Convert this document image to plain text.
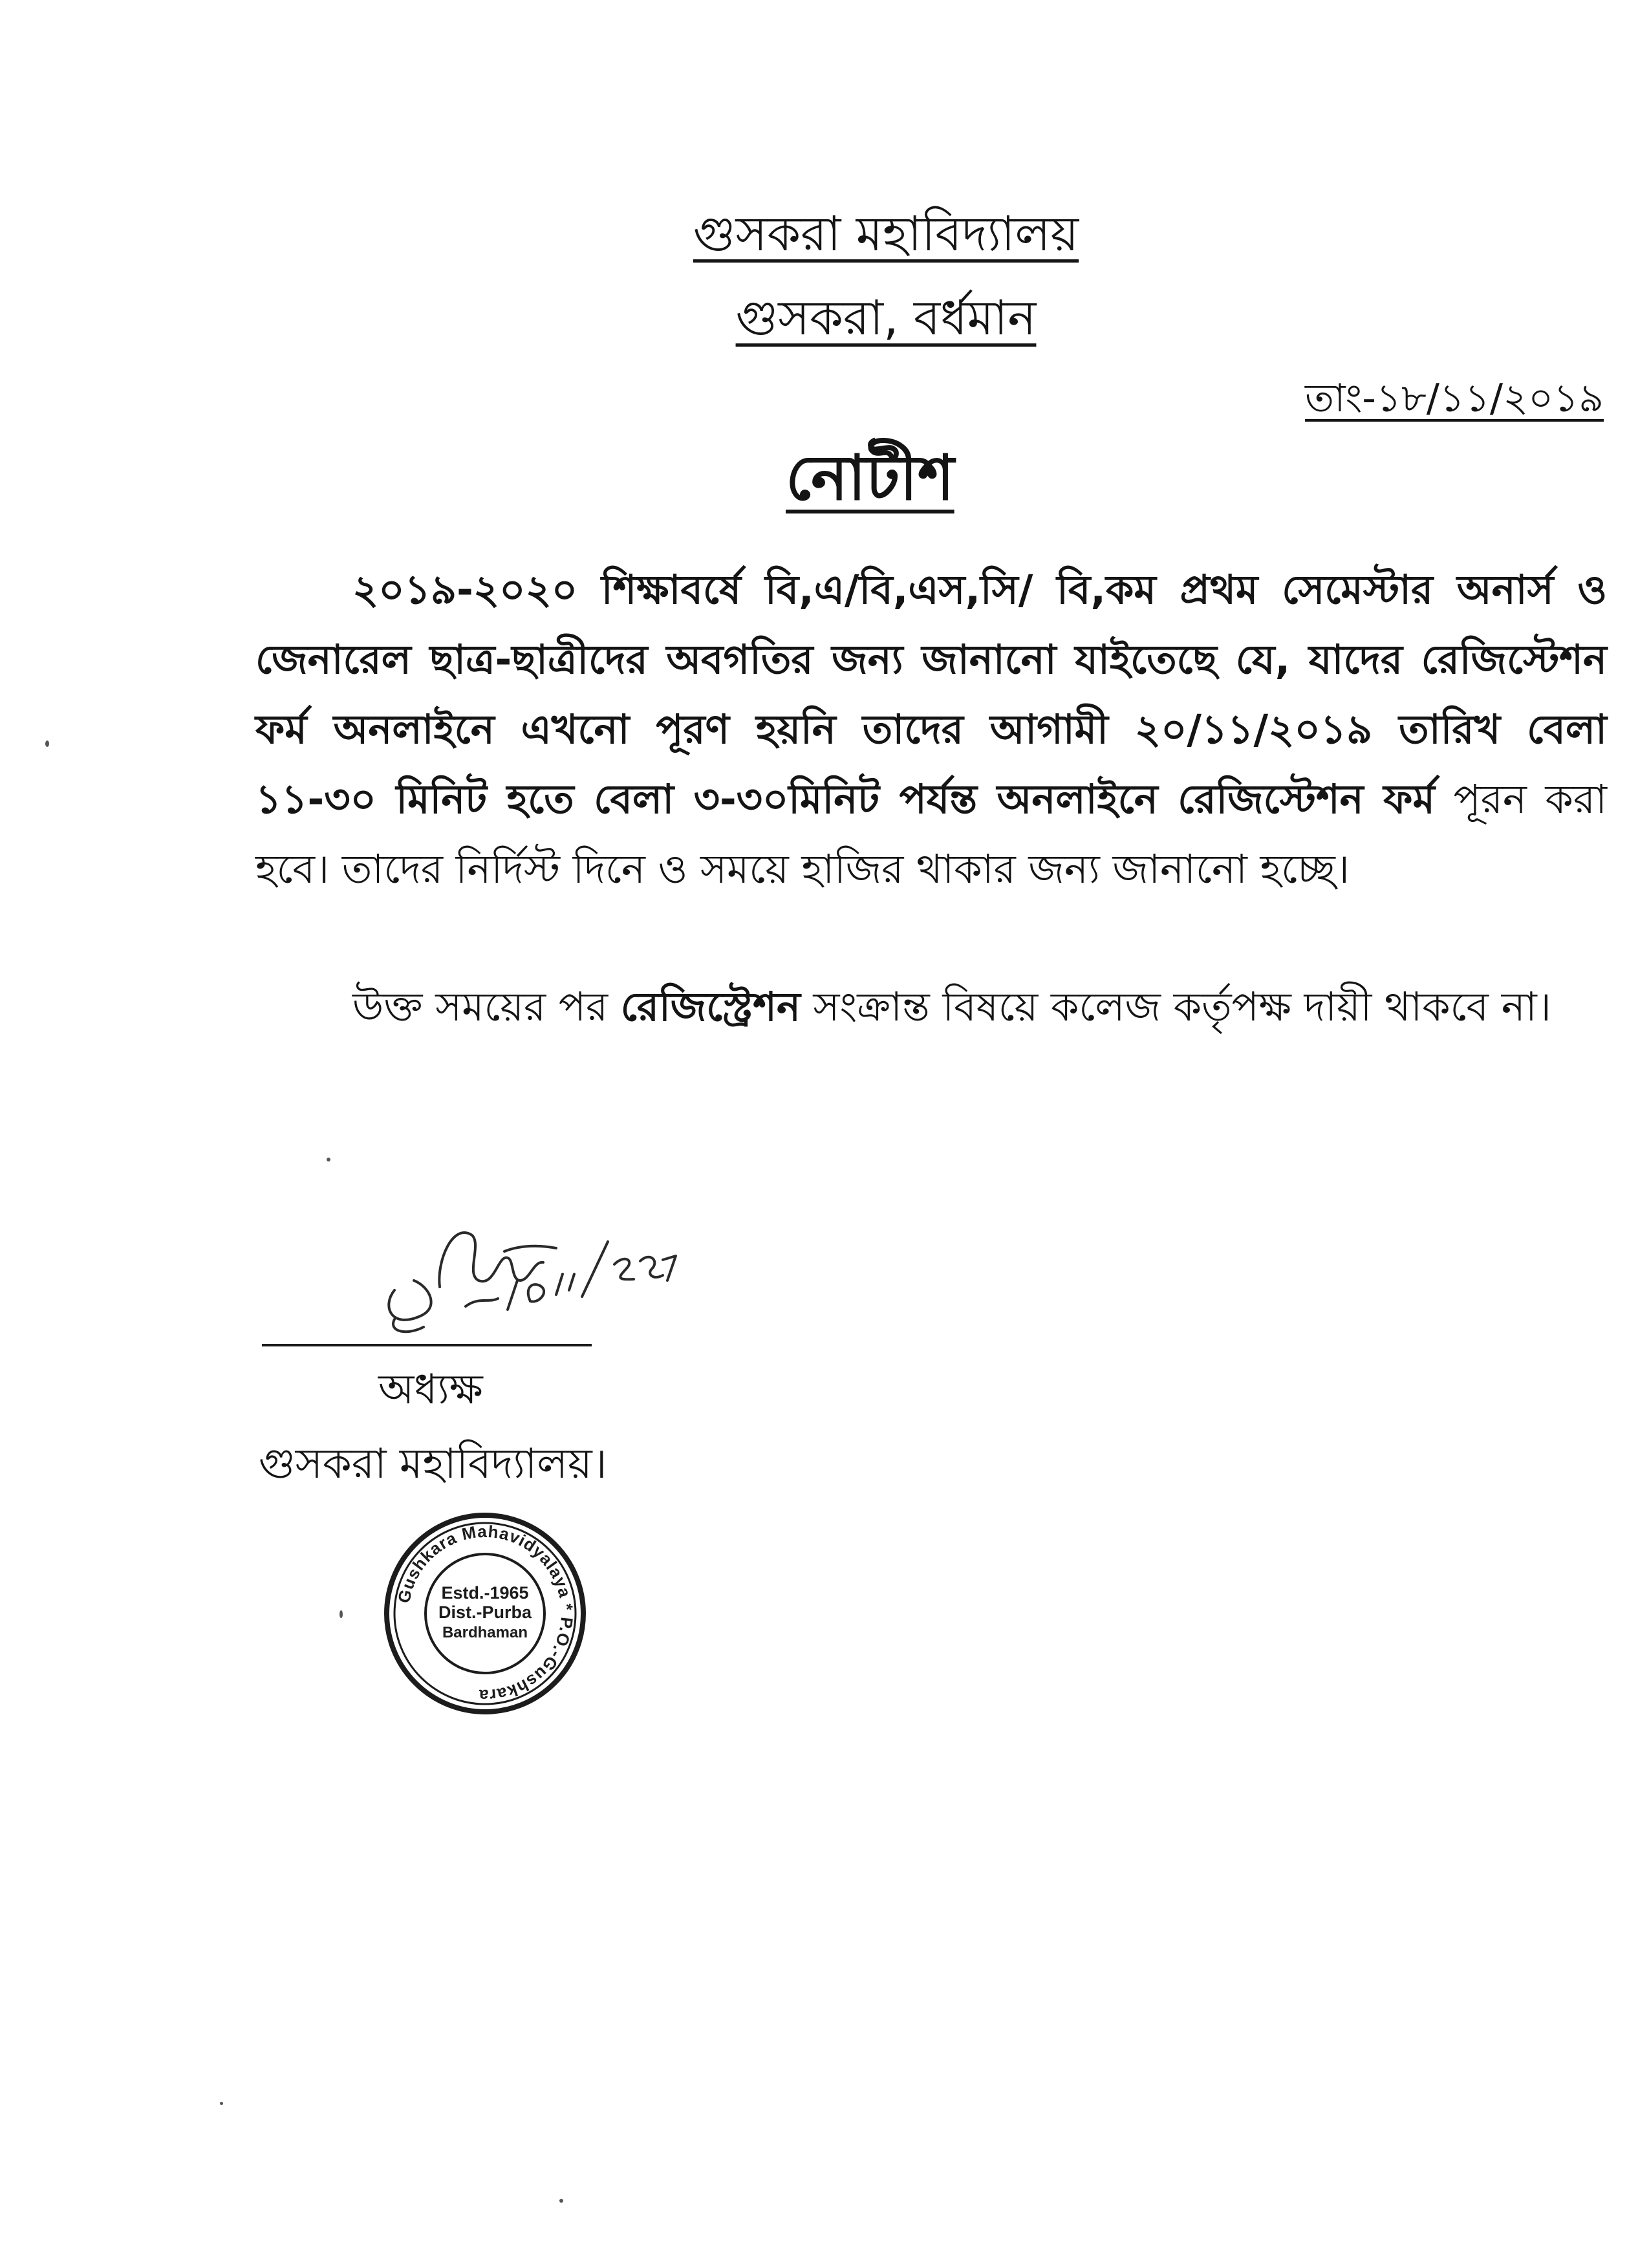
গুসকরা মহাবিদ্যালয়
গুসকরা, বর্ধমান
তাং-১৮/১১/২০১৯
নোটীশ
২০১৯-২০২০ শিক্ষাবর্ষে বি,এ/বি,এস,সি/ বি,কম প্রথম সেমেস্টার অনার্স ও জেনারেল ছাত্র-ছাত্রীদের অবগতির জন্য জানানো যাইতেছে যে, যাদের রেজিস্টেশন ফর্ম অনলাইনে এখনো পূরণ হয়নি তাদের আগামী ২০/১১/২০১৯ তারিখ বেলা ১১-৩০ মিনিট হতে বেলা ৩-৩০মিনিট পর্যন্ত অনলাইনে রেজিস্টেশন ফর্ম পূরন করা হবে। তাদের নির্দিস্ট দিনে ও সময়ে হাজির থাকার জন্য জানানো হচ্ছে।
উক্ত সময়ের পর রেজিস্ট্রেশন সংক্রান্ত বিষয়ে কলেজ কর্তৃপক্ষ দায়ী থাকবে না।
অধ্যক্ষ
গুসকরা মহাবিদ্যালয়।
Gushkara Mahavidyalaya * P.O.-Gushkara
Estd.-1965
Dist.-Purba
Bardhaman
